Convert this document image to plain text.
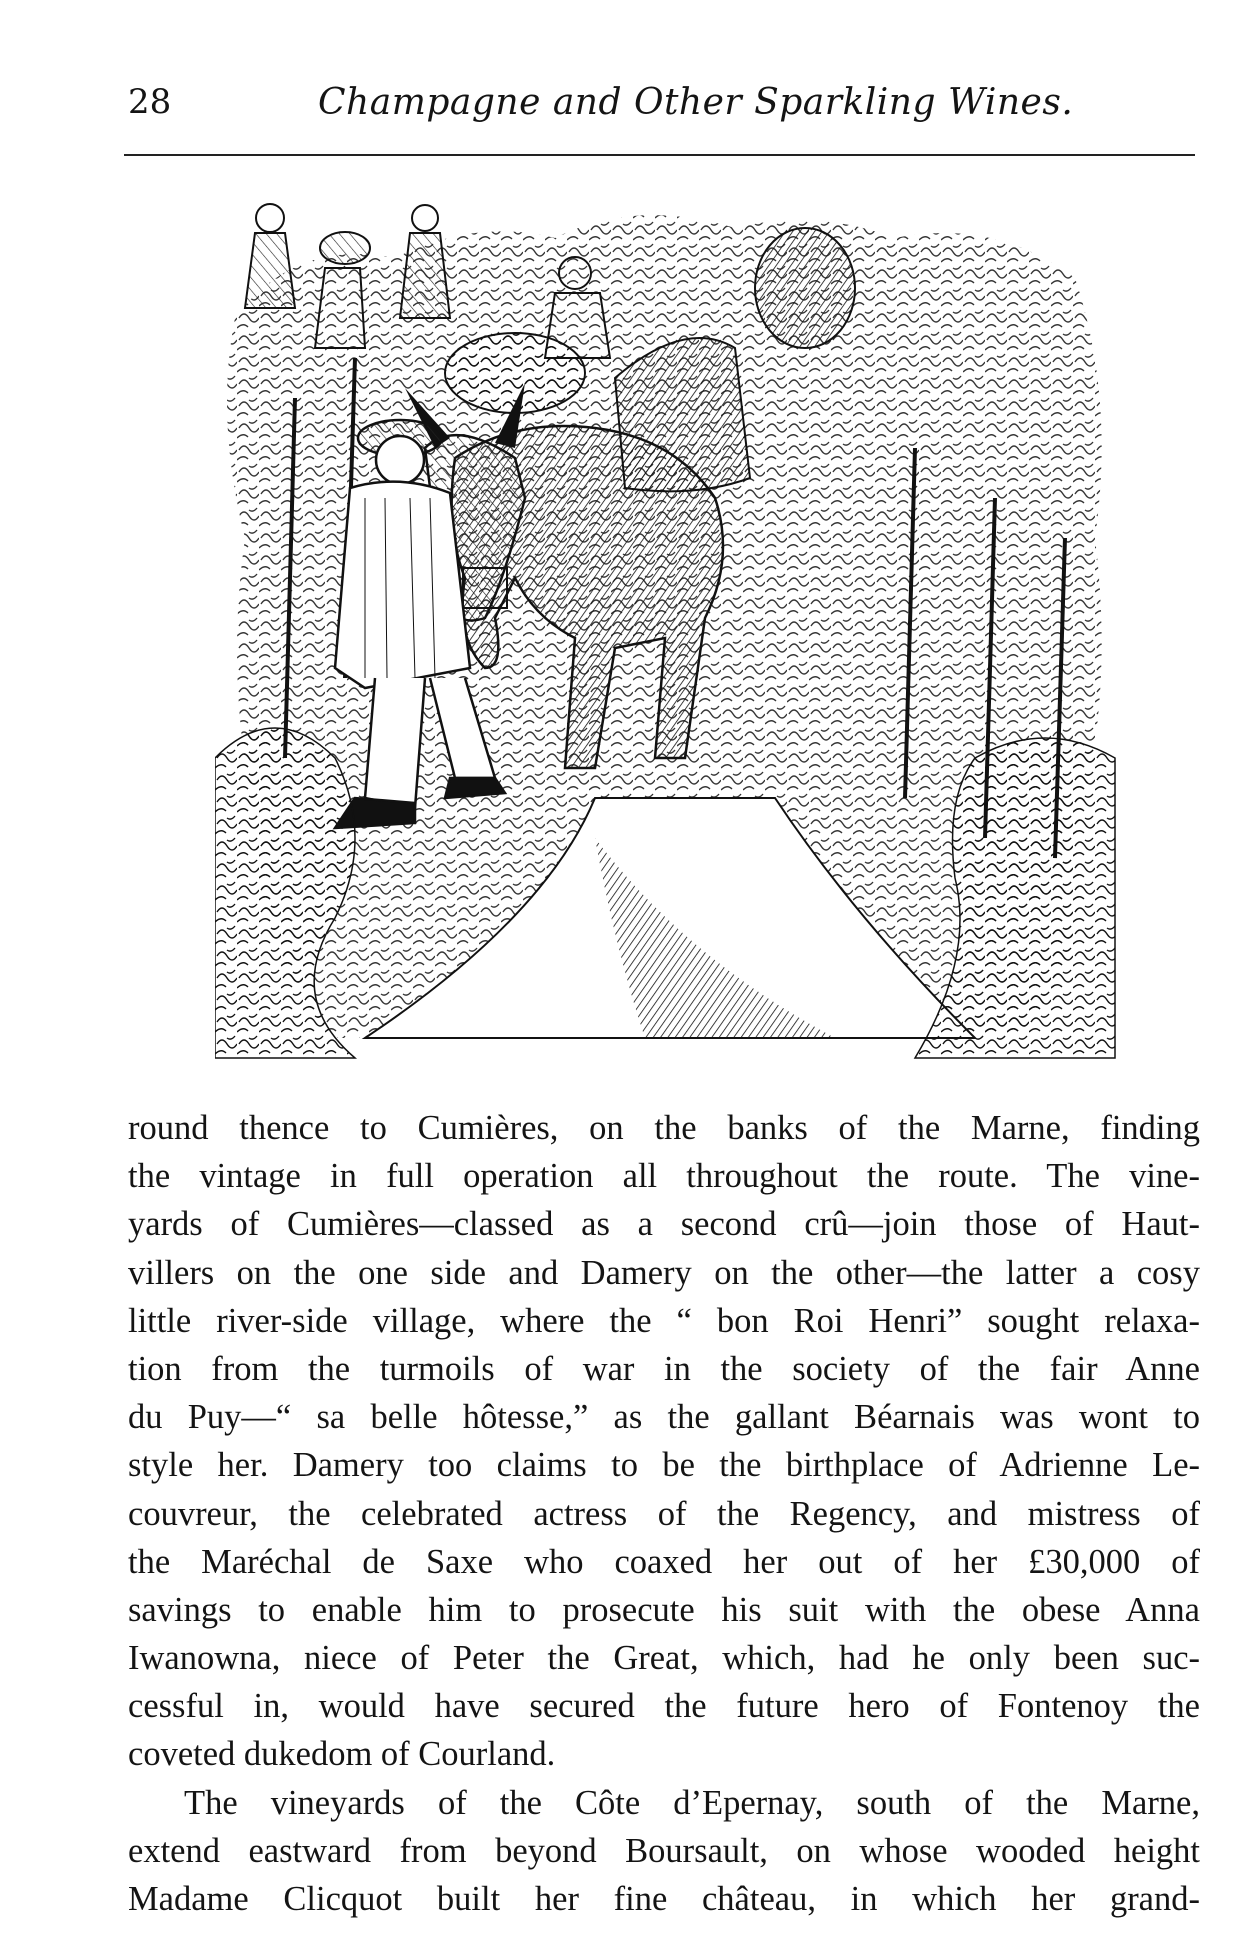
28	Champagne and Other Sparkling Wines.

round thence to Cumières, on the banks of the Marne, finding
the vintage in full operation all throughout the route. The vine-
yards of Cumières—classed as a second crû—join those of Haut-
villers on the one side and Damery on the other—the latter a cosy
little river-side village, where the “ bon Roi Henri” sought relaxa-
tion from the turmoils of war in the society of the fair Anne
du Puy—“ sa belle hôtesse,” as the gallant Béarnais was wont to
style her. Damery too claims to be the birthplace of Adrienne Le-
couvreur, the celebrated actress of the Regency, and mistress of
the Maréchal de Saxe who coaxed her out of her £30,000 of
savings to enable him to prosecute his suit with the obese Anna
Iwanowna, niece of Peter the Great, which, had he only been suc-
cessful in, would have secured the future hero of Fontenoy the
coveted dukedom of Courland.

The vineyards of the Côte d’Epernay, south of the Marne,
extend eastward from beyond Boursault, on whose wooded height
Madame Clicquot built her fine château, in which her grand-
